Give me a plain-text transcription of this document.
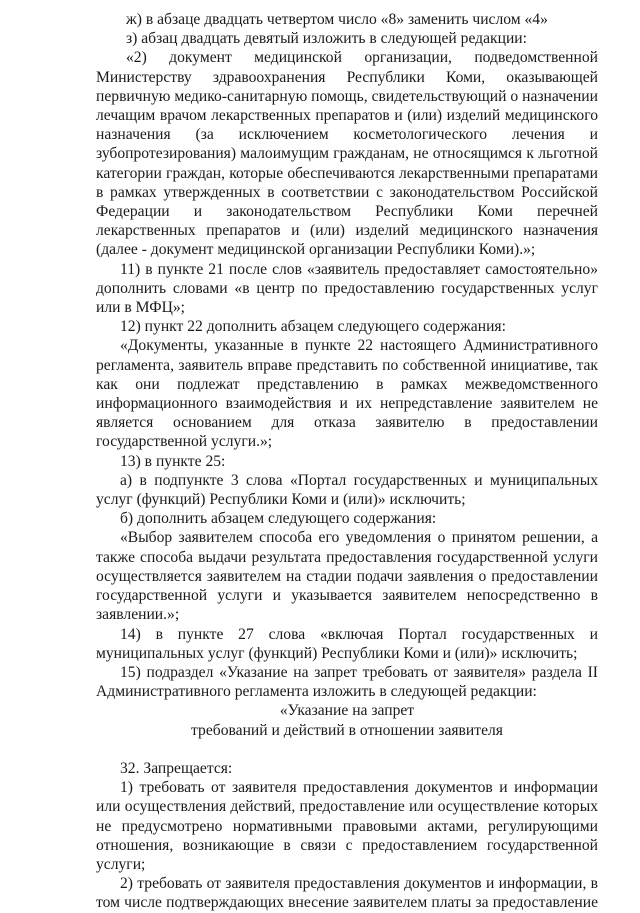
ж) в абзаце двадцать четвертом число «8» заменить числом «4»

з) абзац двадцать девятый изложить в следующей редакции:

«2) документ медицинской организации, подведомственной Министерству здравоохранения Республики Коми, оказывающей первичную медико-санитарную помощь, свидетельствующий о назначении лечащим врачом лекарственных препаратов и (или) изделий медицинского назначения (за исключением косметологического лечения и зубопротезирования) малоимущим гражданам, не относящимся к льготной категории граждан, которые обеспечиваются лекарственными препаратами в рамках утвержденных в соответствии с законодательством Российской Федерации и законодательством Республики Коми перечней лекарственных препаратов и (или) изделий медицинского назначения (далее - документ медицинской организации Республики Коми).»;

11) в пункте 21 после слов «заявитель предоставляет самостоятельно» дополнить словами «в центр по предоставлению государственных услуг или в МФЦ»;

12) пункт 22 дополнить абзацем следующего содержания:

«Документы, указанные в пункте 22 настоящего Административного регламента, заявитель вправе представить по собственной инициативе, так как они подлежат представлению в рамках межведомственного информационного взаимодействия и их непредставление заявителем не является основанием для отказа заявителю в предоставлении государственной услуги.»;

13) в пункте 25:

а) в подпункте 3 слова «Портал государственных и муниципальных услуг (функций) Республики Коми и (или)» исключить;

б) дополнить абзацем следующего содержания:

«Выбор заявителем способа его уведомления о принятом решении, а также способа выдачи результата предоставления государственной услуги осуществляется заявителем на стадии подачи заявления о предоставлении государственной услуги и указывается заявителем непосредственно в заявлении.»;

14) в пункте 27 слова «включая Портал государственных и муниципальных услуг (функций) Республики Коми и (или)» исключить;

15) подраздел «Указание на запрет требовать от заявителя» раздела II Административного регламента изложить в следующей редакции:

«Указание на запрет

требований и действий в отношении заявителя

32. Запрещается:

1) требовать от заявителя предоставления документов и информации или осуществления действий, предоставление или осуществление которых не предусмотрено нормативными правовыми актами, регулирующими отношения, возникающие в связи с предоставлением государственной услуги;

2) требовать от заявителя предоставления документов и информации, в том числе подтверждающих внесение заявителем платы за предоставление
